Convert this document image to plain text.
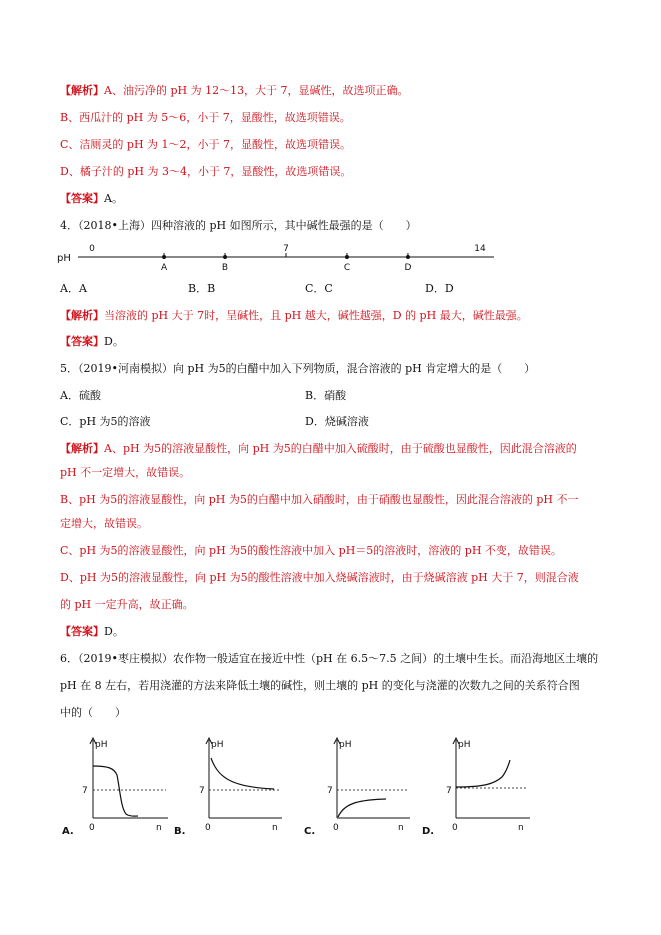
【解析】A、油污净的 pH 为 12～13，大于 7，显碱性，故选项正确。
B、西瓜汁的 pH 为 5～6，小于 7，显酸性，故选项错误。
C、洁厕灵的 pH 为 1～2，小于 7，显酸性，故选项错误。
D、橘子汁的 pH 为 3～4，小于 7，显酸性，故选项错误。
【答案】A。
4．（2018•上海）四种溶液的 pH 如图所示，其中碱性最强的是（　　）
pH
0
A	B
7
C	D
14
A．A	B．B	C．C	D．D
【解析】当溶液的 pH 大于 7时，呈碱性，且 pH 越大，碱性越强，D 的 pH 最大，碱性最强。
【答案】D。
5．（2019•河南模拟）向 pH 为5的白醋中加入下列物质，混合溶液的 pH 肯定增大的是（　　）
A．硫酸	B．硝酸
C．pH 为5的溶液	D．烧碱溶液
【解析】A、pH 为5的溶液显酸性，向 pH 为5的白醋中加入硫酸时，由于硫酸也显酸性，因此混合溶液的
pH 不一定增大，故错误。
B、pH 为5的溶液显酸性，向 pH 为5的白醋中加入硝酸时，由于硝酸也显酸性，因此混合溶液的 pH 不一
定增大，故错误。
C、pH 为5的溶液显酸性，向 pH 为5的酸性溶液中加入 pH＝5的溶液时，溶液的 pH 不变，故错误。
D、pH 为5的溶液显酸性，向 pH 为5的酸性溶液中加入烧碱溶液时，由于烧碱溶液 pH 大于 7，则混合液
的 pH 一定升高，故正确。
【答案】D。
6．（2019•枣庄模拟）农作物一般适宜在接近中性（pH 在 6.5～7.5 之间）的土壤中生长。而沿海地区土壤的
pH 在 8 左右，若用浇灌的方法来降低土壤的碱性，则土壤的 pH 的变化与浇灌的次数九之间的关系符合图
中的（　　）
A.
pH
7
0	n B.
pH
7
0	n	C.
pH
7
0	n D.
pH
7
0	n
